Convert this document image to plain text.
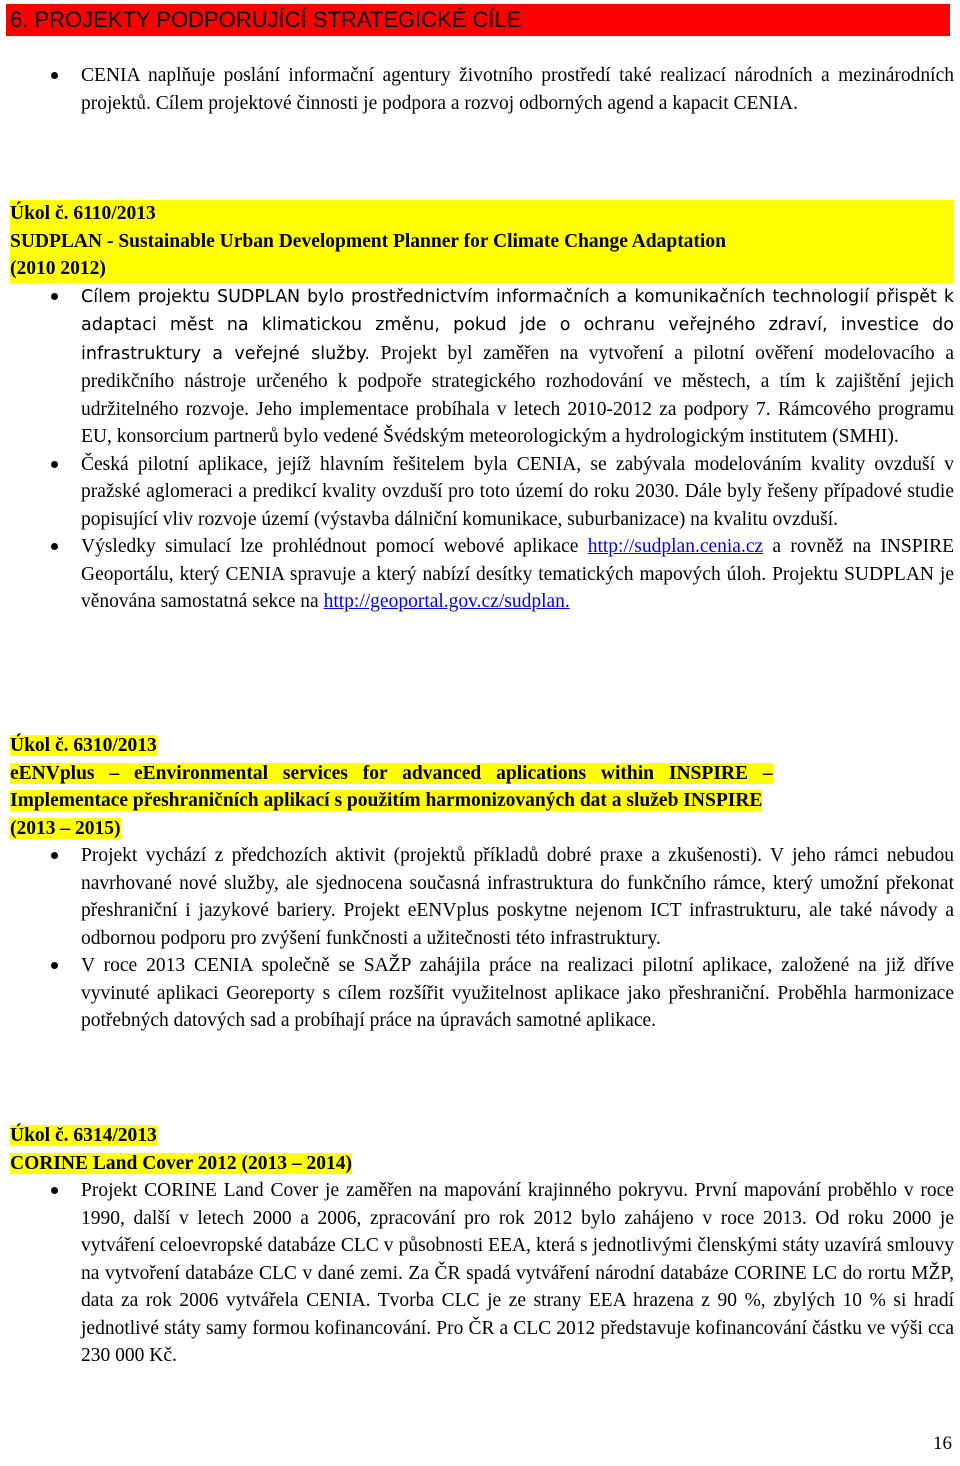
6. PROJEKTY PODPORUJÍCÍ STRATEGICKÉ CÍLE
CENIA naplňuje poslání informační agentury životního prostředí také realizací národních a mezinárodních projektů. Cílem projektové činnosti je podpora a rozvoj odborných agend a kapacit CENIA.
Úkol č. 6110/2013
SUDPLAN - Sustainable Urban Development Planner for Climate Change Adaptation
(2010 2012)
Cílem projektu SUDPLAN bylo prostřednictvím informačních a komunikačních technologií přispět k adaptaci měst na klimatickou změnu, pokud jde o ochranu veřejného zdraví, investice do infrastruktury a veřejné služby. Projekt byl zaměřen na vytvoření a pilotní ověření modelovacího a predikčního nástroje určeného k podpoře strategického rozhodování ve městech, a tím k zajištění jejich udržitelného rozvoje. Jeho implementace probíhala v letech 2010-2012 za podpory 7. Rámcového programu EU, konsorcium partnerů bylo vedené Švédským meteorologickým a hydrologickým institutem (SMHI).
Česká pilotní aplikace, jejíž hlavním řešitelem byla CENIA, se zabývala modelováním kvality ovzduší v pražské aglomeraci a predikcí kvality ovzduší pro toto území do roku 2030. Dále byly řešeny případové studie popisující vliv rozvoje území (výstavba dálniční komunikace, suburbanizace) na kvalitu ovzduší.
Výsledky simulací lze prohlédnout pomocí webové aplikace http://sudplan.cenia.cz a rovněž na INSPIRE Geoportálu, který CENIA spravuje a který nabízí desítky tematických mapových úloh. Projektu SUDPLAN je věnována samostatná sekce na http://geoportal.gov.cz/sudplan.
Úkol č. 6310/2013
eENVplus – eEnvironmental services for advanced aplications within INSPIRE –
Implementace přeshraničních aplikací s použitím harmonizovaných dat a služeb INSPIRE
(2013 – 2015)
Projekt vychází z předchozích aktivit (projektů příkladů dobré praxe a zkušenosti). V jeho rámci nebudou navrhované nové služby, ale sjednocena současná infrastruktura do funkčního rámce, který umožní překonat přeshraniční i jazykové bariery. Projekt eENVplus poskytne nejenom ICT infrastrukturu, ale také návody a odbornou podporu pro zvýšení funkčnosti a užitečnosti této infrastruktury.
V roce 2013 CENIA společně se SAŽP zahájila práce na realizaci pilotní aplikace, založené na již dříve vyvinuté aplikaci Georeporty s cílem rozšířit využitelnost aplikace jako přeshraniční. Proběhla harmonizace potřebných datových sad a probíhají práce na úpravách samotné aplikace.
Úkol č. 6314/2013
CORINE Land Cover 2012 (2013 – 2014)
Projekt CORINE Land Cover je zaměřen na mapování krajinného pokryvu. První mapování proběhlo v roce 1990, další v letech 2000 a 2006, zpracování pro rok 2012 bylo zahájeno v roce 2013. Od roku 2000 je vytváření celoevropské databáze CLC v působnosti EEA, která s jednotlivými členskými státy uzavírá smlouvy na vytvoření databáze CLC v dané zemi. Za ČR spadá vytváření národní databáze CORINE LC do rortu MŽP, data za rok 2006 vytvářela CENIA. Tvorba CLC je ze strany EEA hrazena z 90 %, zbylých 10 % si hradí jednotlivé státy samy formou kofinancování. Pro ČR a CLC 2012 představuje kofinancování částku ve výši cca 230 000 Kč.
16
